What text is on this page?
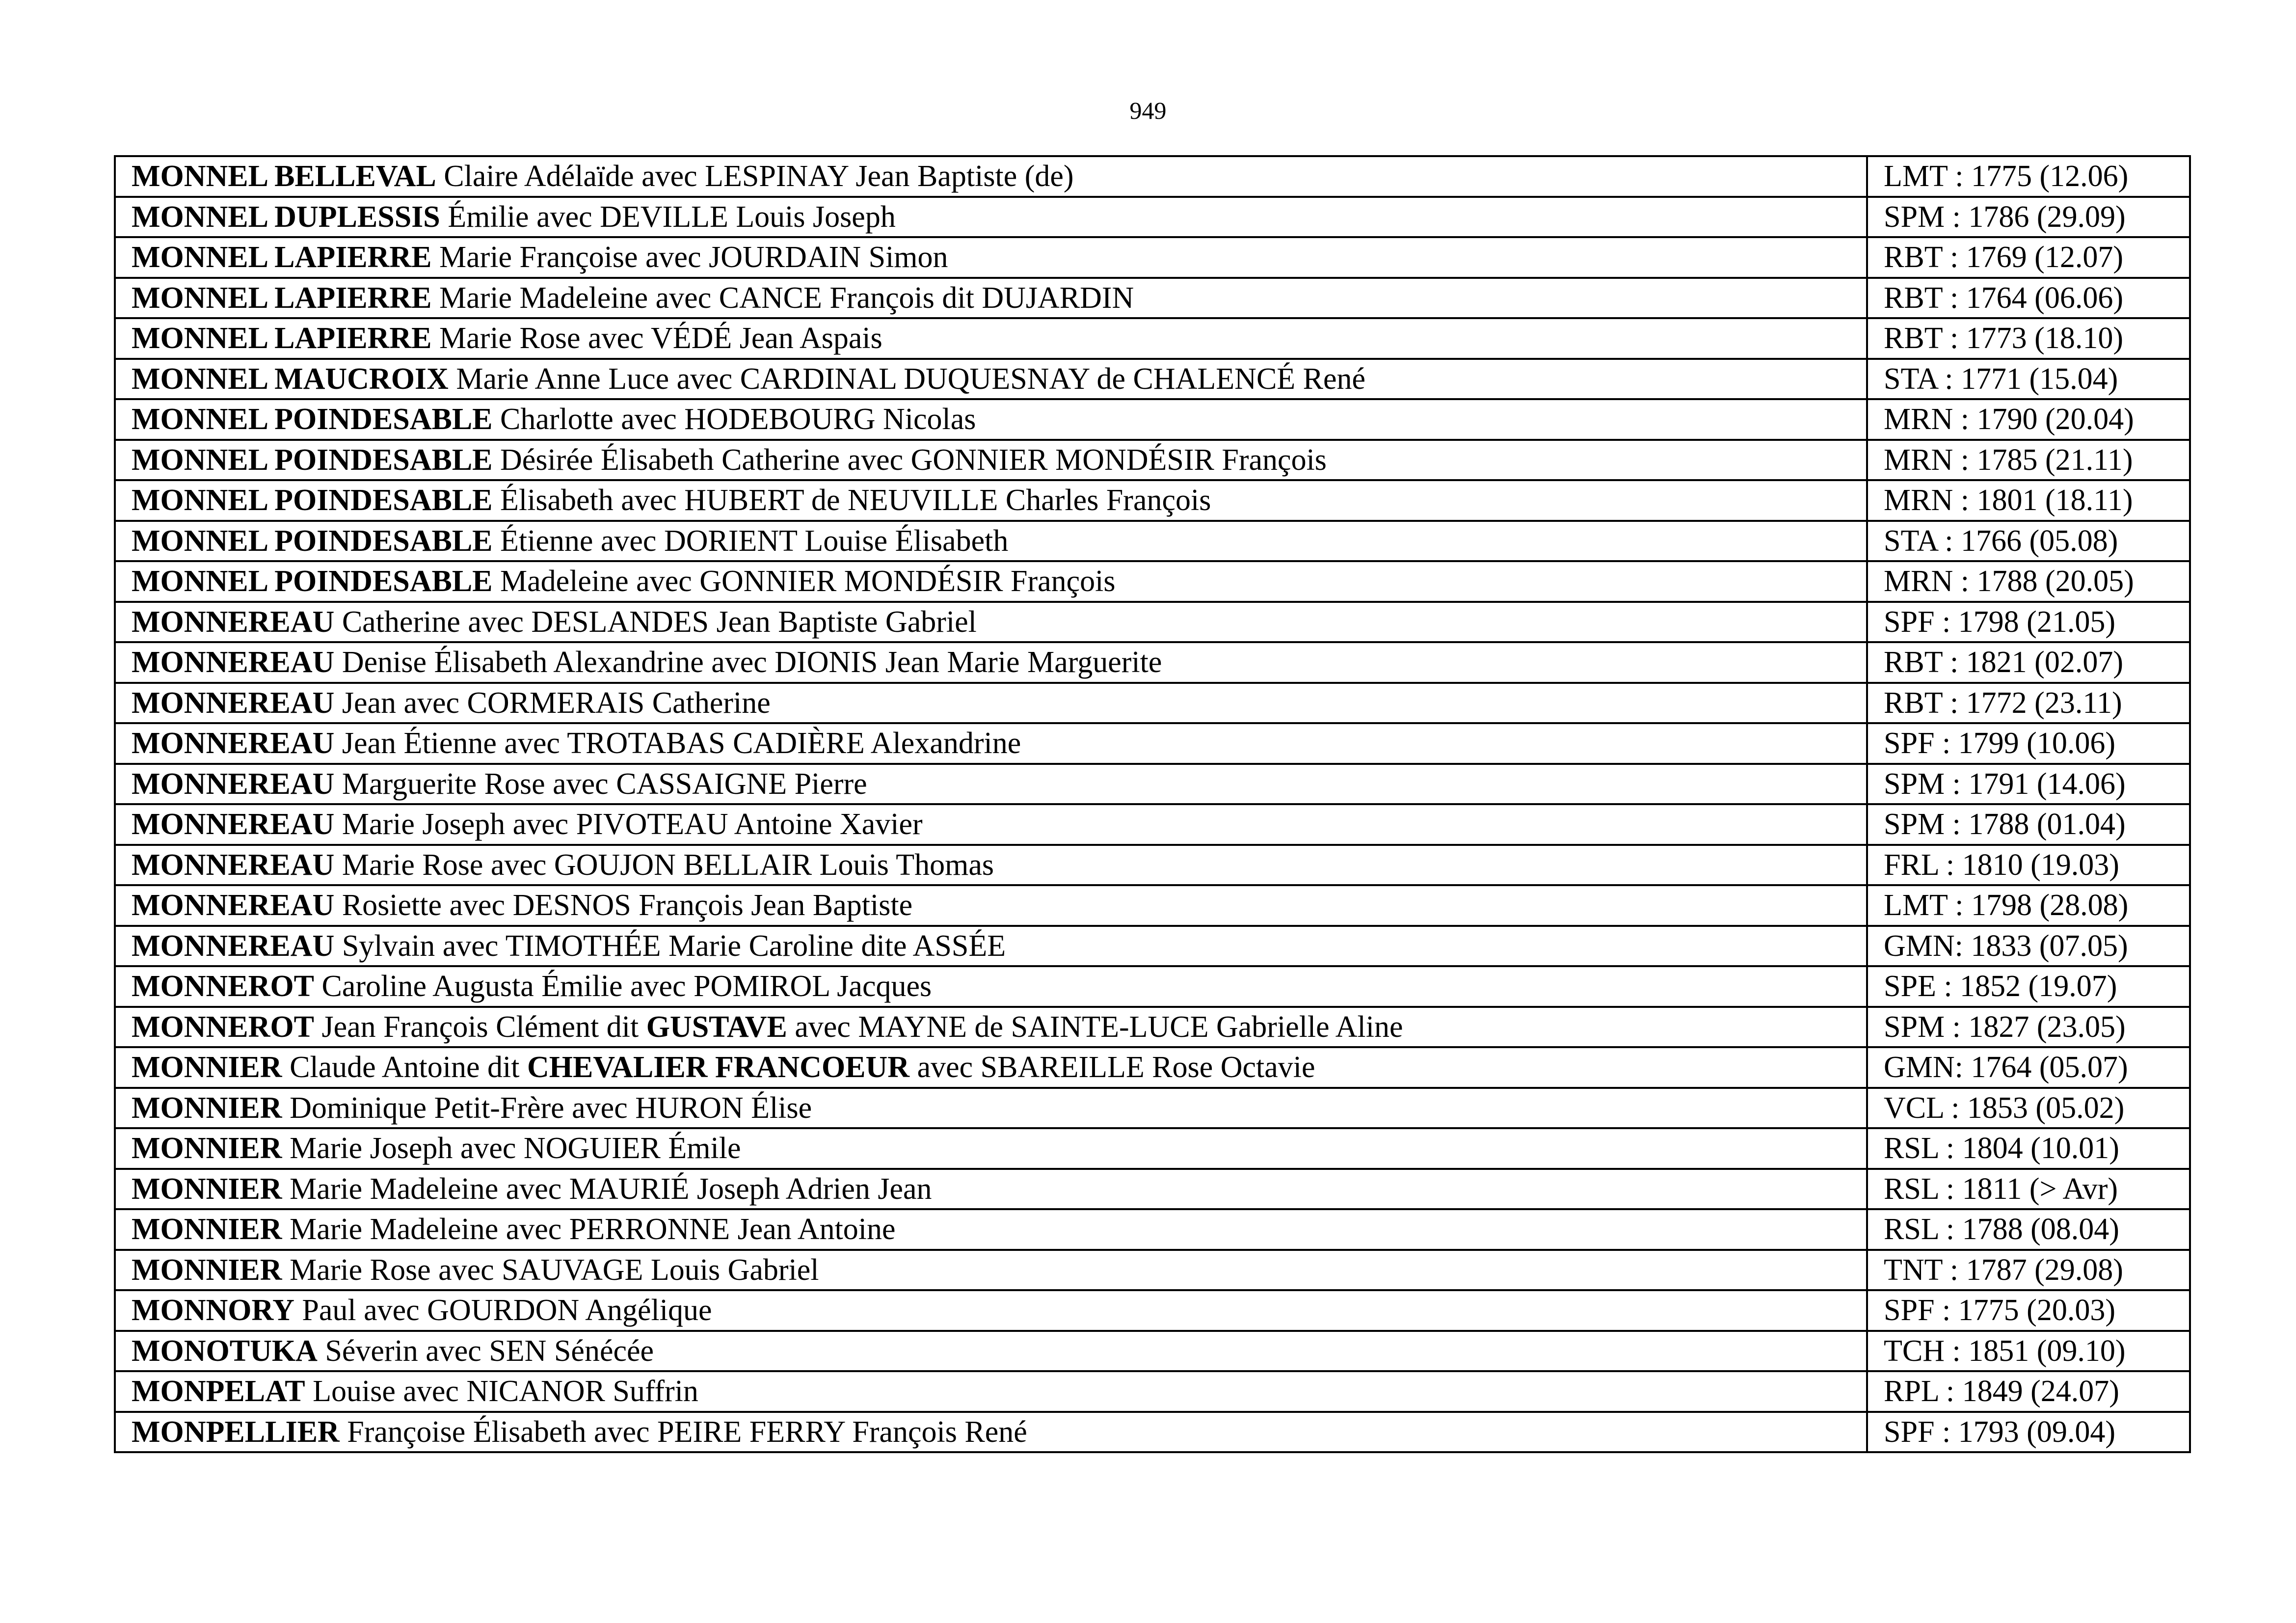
949
MONNEL BELLEVAL Claire Adélaïde avec LESPINAY Jean Baptiste (de)	LMT : 1775 (12.06)
MONNEL DUPLESSIS Émilie avec DEVILLE Louis Joseph	SPM : 1786 (29.09)
MONNEL LAPIERRE Marie Françoise avec JOURDAIN Simon	RBT : 1769 (12.07)
MONNEL LAPIERRE Marie Madeleine avec CANCE François dit DUJARDIN	RBT : 1764 (06.06)
MONNEL LAPIERRE Marie Rose avec VÉDÉ Jean Aspais	RBT : 1773 (18.10)
MONNEL MAUCROIX Marie Anne Luce avec CARDINAL DUQUESNAY de CHALENCÉ René	STA : 1771 (15.04)
MONNEL POINDESABLE Charlotte avec HODEBOURG Nicolas	MRN : 1790 (20.04)
MONNEL POINDESABLE Désirée Élisabeth Catherine avec GONNIER MONDÉSIR François	MRN : 1785 (21.11)
MONNEL POINDESABLE Élisabeth avec HUBERT de NEUVILLE Charles François	MRN : 1801 (18.11)
MONNEL POINDESABLE Étienne avec DORIENT Louise Élisabeth	STA : 1766 (05.08)
MONNEL POINDESABLE Madeleine avec GONNIER MONDÉSIR François	MRN : 1788 (20.05)
MONNEREAU Catherine avec DESLANDES Jean Baptiste Gabriel	SPF : 1798 (21.05)
MONNEREAU Denise Élisabeth Alexandrine avec DIONIS Jean Marie Marguerite	RBT : 1821 (02.07)
MONNEREAU Jean avec CORMERAIS Catherine	RBT : 1772 (23.11)
MONNEREAU Jean Étienne avec TROTABAS CADIÈRE Alexandrine	SPF : 1799 (10.06)
MONNEREAU Marguerite Rose avec CASSAIGNE Pierre	SPM : 1791 (14.06)
MONNEREAU Marie Joseph avec PIVOTEAU Antoine Xavier	SPM : 1788 (01.04)
MONNEREAU Marie Rose avec GOUJON BELLAIR Louis Thomas	FRL : 1810 (19.03)
MONNEREAU Rosiette avec DESNOS François Jean Baptiste	LMT : 1798 (28.08)
MONNEREAU Sylvain avec TIMOTHÉE Marie Caroline dite ASSÉE	GMN: 1833 (07.05)
MONNEROT Caroline Augusta Émilie avec POMIROL Jacques	SPE : 1852 (19.07)
MONNEROT Jean François Clément dit GUSTAVE avec MAYNE de SAINTE-LUCE Gabrielle Aline	SPM : 1827 (23.05)
MONNIER Claude Antoine dit CHEVALIER FRANCOEUR avec SBAREILLE Rose Octavie	GMN: 1764 (05.07)
MONNIER Dominique Petit-Frère avec HURON Élise	VCL : 1853 (05.02)
MONNIER Marie Joseph avec NOGUIER Émile	RSL : 1804 (10.01)
MONNIER Marie Madeleine avec MAURIÉ Joseph Adrien Jean	RSL : 1811 (> Avr)
MONNIER Marie Madeleine avec PERRONNE Jean Antoine	RSL : 1788 (08.04)
MONNIER Marie Rose avec SAUVAGE Louis Gabriel	TNT : 1787 (29.08)
MONNORY Paul avec GOURDON Angélique	SPF : 1775 (20.03)
MONOTUKA Séverin avec SEN Sénécée	TCH : 1851 (09.10)
MONPELAT Louise avec NICANOR Suffrin	RPL : 1849 (24.07)
MONPELLIER Françoise Élisabeth avec PEIRE FERRY François René	SPF : 1793 (09.04)
